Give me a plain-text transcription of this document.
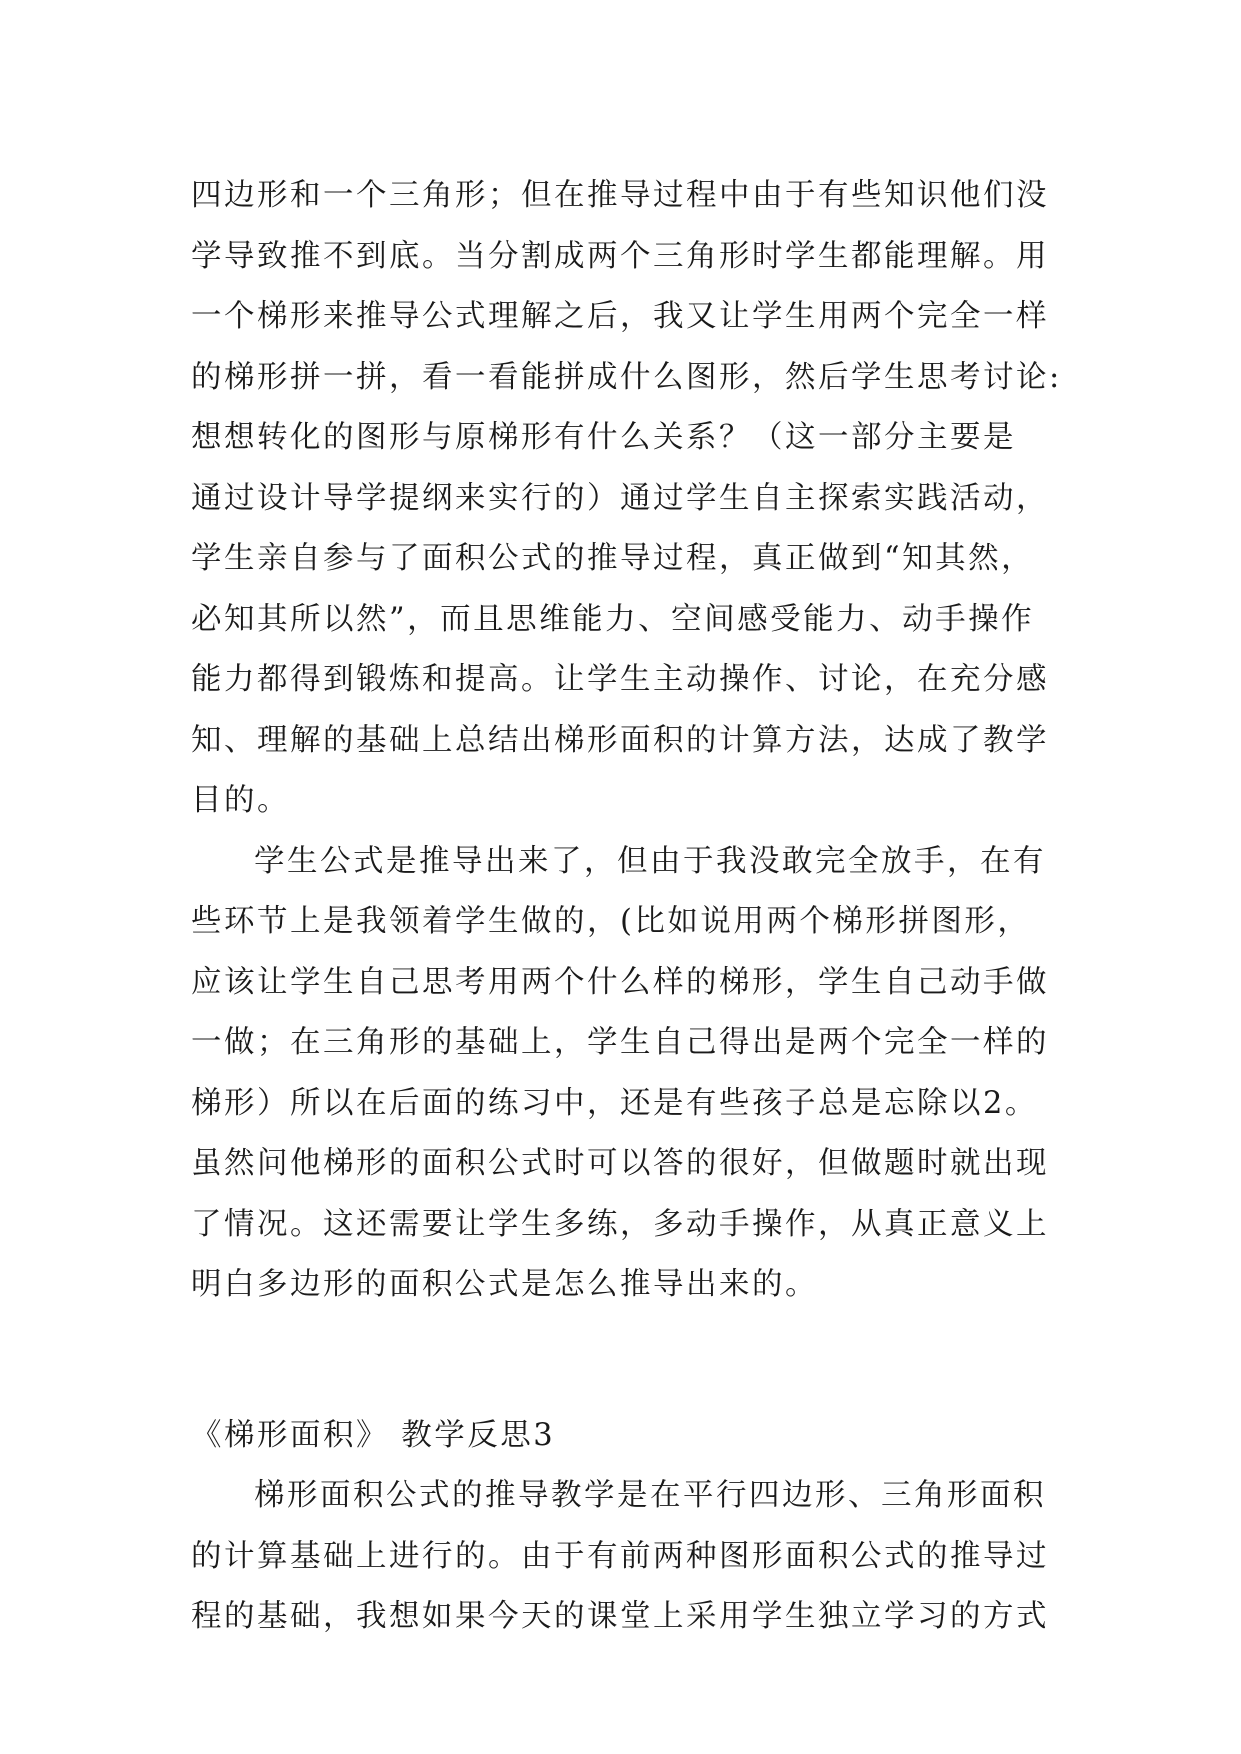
四边形和一个三角形；但在推导过程中由于有些知识他们没
学导致推不到底。当分割成两个三角形时学生都能理解。用
一个梯形来推导公式理解之后，我又让学生用两个完全一样
的梯形拼一拼，看一看能拼成什么图形，然后学生思考讨论:
想想转化的图形与原梯形有什么关系？（这一部分主要是
通过设计导学提纲来实行的）通过学生自主探索实践活动，
学生亲自参与了面积公式的推导过程，真正做到“知其然，
必知其所以然”，而且思维能力、空间感受能力、动手操作
能力都得到锻炼和提高。让学生主动操作、讨论，在充分感
知、理解的基础上总结出梯形面积的计算方法，达成了教学
目的。
学生公式是推导出来了，但由于我没敢完全放手，在有
些环节上是我领着学生做的，(比如说用两个梯形拼图形，
应该让学生自己思考用两个什么样的梯形，学生自己动手做
一做；在三角形的基础上，学生自己得出是两个完全一样的
梯形）所以在后面的练习中，还是有些孩子总是忘除以2。
虽然问他梯形的面积公式时可以答的很好，但做题时就出现
了情况。这还需要让学生多练，多动手操作，从真正意义上
明白多边形的面积公式是怎么推导出来的。
《梯形面积》 教学反思3
梯形面积公式的推导教学是在平行四边形、三角形面积
的计算基础上进行的。由于有前两种图形面积公式的推导过
程的基础，我想如果今天的课堂上采用学生独立学习的方式
